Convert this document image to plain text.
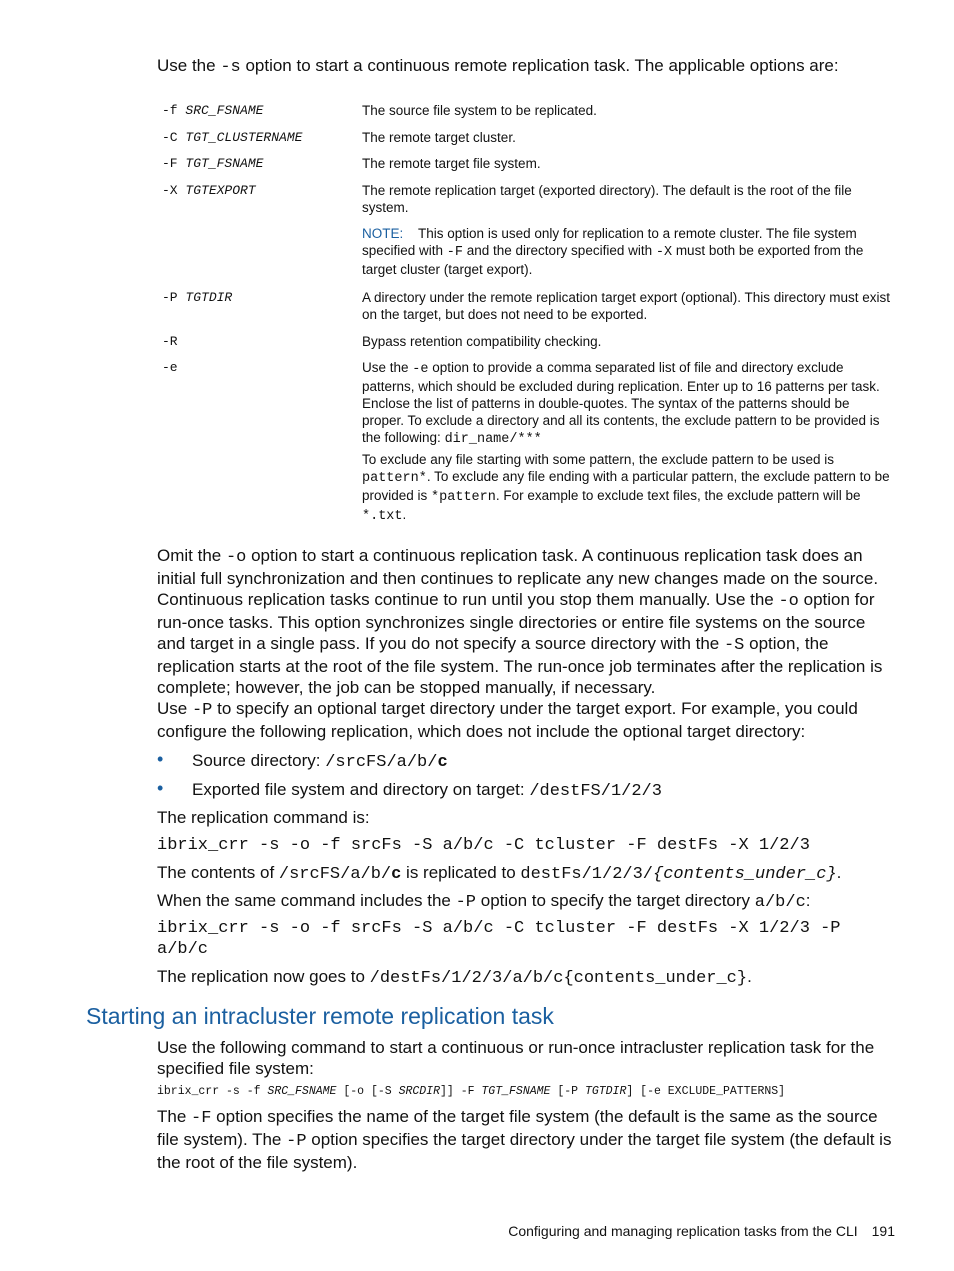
Use the -s option to start a continuous remote replication task. The applicable options are:
-f SRC_FSNAME	The source file system to be replicated.
-C TGT_CLUSTERNAME	The remote target cluster.
-F TGT_FSNAME	The remote target file system.
-X TGTEXPORT	The remote replication target (exported directory). The default is the root of the file system.
NOTE: This option is used only for replication to a remote cluster. The file system specified with -F and the directory specified with -X must both be exported from the target cluster (target export).
-P TGTDIR	A directory under the remote replication target export (optional). This directory must exist on the target, but does not need to be exported.
-R	Bypass retention compatibility checking.
-e	Use the -e option to provide a comma separated list of file and directory exclude patterns, which should be excluded during replication. Enter up to 16 patterns per task. Enclose the list of patterns in double-quotes. The syntax of the patterns should be proper. To exclude a directory and all its contents, the exclude pattern to be provided is the following: dir_name/***
To exclude any file starting with some pattern, the exclude pattern to be used is pattern*. To exclude any file ending with a particular pattern, the exclude pattern to be provided is *pattern. For example to exclude text files, the exclude pattern will be *.txt.
Omit the -o option to start a continuous replication task. A continuous replication task does an initial full synchronization and then continues to replicate any new changes made on the source. Continuous replication tasks continue to run until you stop them manually. Use the -o option for run-once tasks. This option synchronizes single directories or entire file systems on the source and target in a single pass. If you do not specify a source directory with the -S option, the replication starts at the root of the file system. The run-once job terminates after the replication is complete; however, the job can be stopped manually, if necessary.
Use -P to specify an optional target directory under the target export. For example, you could configure the following replication, which does not include the optional target directory:
• Source directory: /srcFS/a/b/c
• Exported file system and directory on target: /destFS/1/2/3
The replication command is:
ibrix_crr -s -o -f srcFs -S a/b/c -C tcluster -F destFs -X 1/2/3
The contents of /srcFS/a/b/c is replicated to destFs/1/2/3/{contents_under_c}.
When the same command includes the -P option to specify the target directory a/b/c:
ibrix_crr -s -o -f srcFs -S a/b/c -C tcluster -F destFs -X 1/2/3 -P a/b/c
The replication now goes to /destFs/1/2/3/a/b/c{contents_under_c}.
Starting an intracluster remote replication task
Use the following command to start a continuous or run-once intracluster replication task for the specified file system:
ibrix_crr -s -f SRC_FSNAME [-o [-S SRCDIR]] -F TGT_FSNAME [-P TGTDIR] [-e EXCLUDE_PATTERNS]
The -F option specifies the name of the target file system (the default is the same as the source file system). The -P option specifies the target directory under the target file system (the default is the root of the file system).
Configuring and managing replication tasks from the CLI 191
